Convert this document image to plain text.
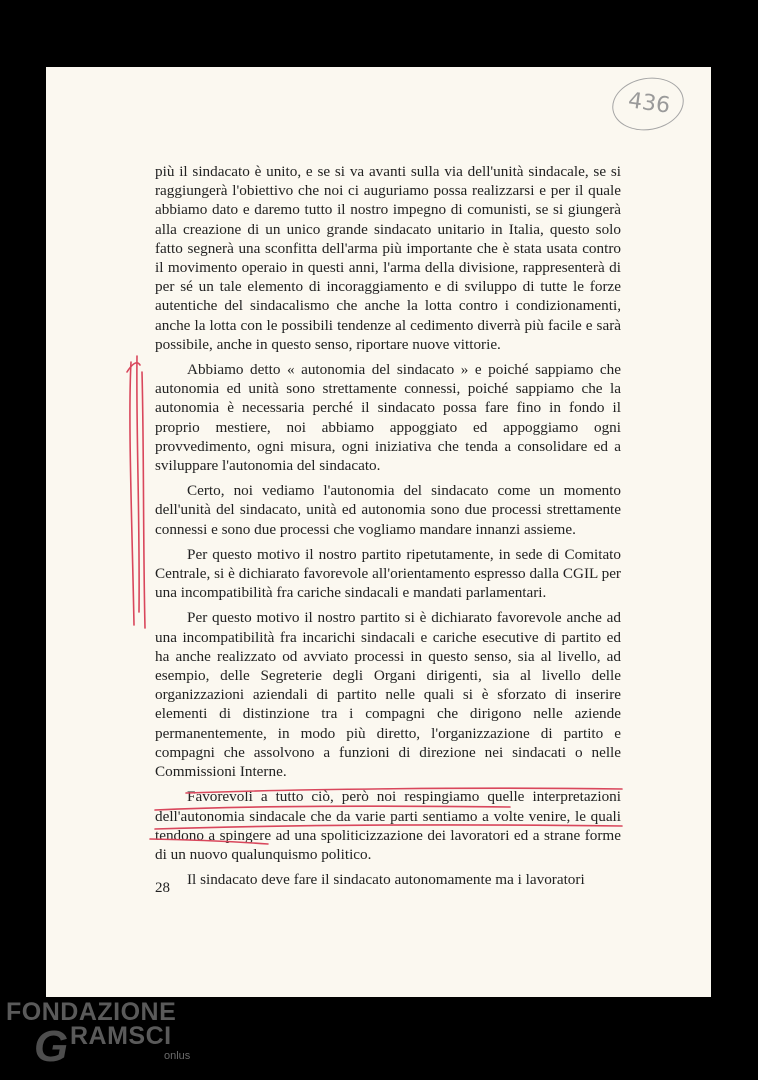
436

più il sindacato è unito, e se si va avanti sulla via dell'unità sindacale, se si raggiungerà l'obiettivo che noi ci auguriamo possa realizzarsi e per il quale abbiamo dato e daremo tutto il nostro impegno di comunisti, se si giungerà alla creazione di un unico grande sindacato unitario in Italia, questo solo fatto segnerà una sconfitta dell'arma più importante che è stata usata contro il movimento operaio in questi anni, l'arma della divisione, rappresenterà di per sé un tale elemento di incoraggiamento e di sviluppo di tutte le forze autentiche del sindacalismo che anche la lotta contro i condizionamenti, anche la lotta con le possibili tendenze al cedimento diverrà più facile e sarà possibile, anche in questo senso, riportare nuove vittorie.

Abbiamo detto « autonomia del sindacato » e poiché sappiamo che autonomia ed unità sono strettamente connessi, poiché sappiamo che la autonomia è necessaria perché il sindacato possa fare fino in fondo il proprio mestiere, noi abbiamo appoggiato ed appoggiamo ogni provvedimento, ogni misura, ogni iniziativa che tenda a consolidare ed a sviluppare l'autonomia del sindacato.

Certo, noi vediamo l'autonomia del sindacato come un momento dell'unità del sindacato, unità ed autonomia sono due processi strettamente connessi e sono due processi che vogliamo mandare innanzi assieme.

Per questo motivo il nostro partito ripetutamente, in sede di Comitato Centrale, si è dichiarato favorevole all'orientamento espresso dalla CGIL per una incompatibilità fra cariche sindacali e mandati parlamentari.

Per questo motivo il nostro partito si è dichiarato favorevole anche ad una incompatibilità fra incarichi sindacali e cariche esecutive di partito ed ha anche realizzato od avviato processi in questo senso, sia al livello, ad esempio, delle Segreterie degli Organi dirigenti, sia al livello delle organizzazioni aziendali di partito nelle quali si è sforzato di inserire elementi di distinzione tra i compagni che dirigono nelle aziende permanentemente, in modo più diretto, l'organizzazione di partito e compagni che assolvono a funzioni di direzione nei sindacati o nelle Commissioni Interne.

Favorevoli a tutto ciò, però noi respingiamo quelle interpretazioni dell'autonomia sindacale che da varie parti sentiamo a volte venire, le quali tendono a spingere ad una spoliticizzazione dei lavoratori ed a strane forme di un nuovo qualunquismo politico.

Il sindacato deve fare il sindacato autonomamente ma i lavoratori

28
FONDAZIONE
G RAMSCI
onlus
